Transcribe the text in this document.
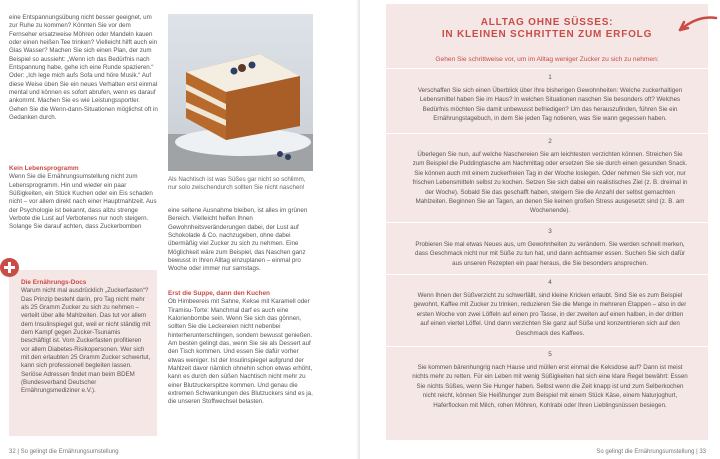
eine Entspannungsübung nicht besser geeignet, um zur Ruhe zu kommen? Könnten Sie vor dem Fernseher ersatzweise Möhren oder Mandeln kauen oder einen heißen Tee trinken? Vielleicht hilft auch ein Glas Wasser? Machen Sie sich einen Plan, der zum Beispiel so aussieht: „Wenn ich das Bedürfnis nach Entspannung habe, gehe ich eine Runde spazieren.“ Oder: „Ich lege mich aufs Sofa und höre Musik.“ Auf diese Weise üben Sie ein neues Verhalten erst einmal mental und können es sofort abrufen, wenn es darauf ankommt. Machen Sie es wie Leistungssportler. Gehen Sie die Wenn-dann-Situationen möglichst oft in Gedanken durch.
Kein Lebensprogramm
Wenn Sie die Ernährungsumstellung nicht zum Lebensprogramm. Hin und wieder ein paar Süßigkeiten, ein Stück Kuchen oder ein Eis schaden nicht – vor allem direkt nach einer Hauptmahlzeit. Aus der Psychologie ist bekannt, dass allzu strenge Verbote die Lust auf Verbotenes nur noch steigern. Solange Sie darauf achten, dass Zuckerbomben
Die Ernährungs-Docs
Warum nicht mal ausdrücklich „Zuckerfasten“? Das Prinzip besteht darin, pro Tag nicht mehr als 25 Gramm Zucker zu sich zu nehmen – verteilt über alle Mahlzeiten. Das tut vor allem dem Insulinspiegel gut, weil er nicht ständig mit dem Kampf gegen Zucker-Tsunamis beschäftigt ist. Vom Zuckerfasten profitieren vor allem Diabetes-Risikopersonen. Wer sich mit den erlaubten 25 Gramm Zucker schwertut, kann sich professionell begleiten lassen. Seriöse Adressen findet man beim BDEM (Bundesverband Deutscher Ernährungsmediziner e.V.).
Als Nachtisch ist was Süßes gar nicht so schlimm, nur solo zwischendurch sollten Sie nicht naschen!
eine seltene Ausnahme bleiben, ist alles im grünen Bereich. Vielleicht helfen Ihnen Gewohnheitsveränderungen dabei, der Lust auf Schokolade & Co. nachzugeben, ohne dabei übermäßig viel Zucker zu sich zu nehmen. Eine Möglichkeit wäre zum Beispiel, das Naschen ganz bewusst in Ihren Alltag einzuplanen – einmal pro Woche oder immer nur samstags.
Erst die Suppe, dann den Kuchen
Ob Himbeereis mit Sahne, Kekse mit Karamell oder Tiramisu-Torte: Manchmal darf es auch eine Kalorienbombe sein. Wenn Sie sich das gönnen, sollten Sie die Leckereien nicht nebenbei hinterherunterschlingen, sondern bewusst genießen. Am besten gelingt das, wenn Sie sie als Dessert auf den Tisch kommen. Und essen Sie dafür vorher etwas weniger. Ist der Insulinspiegel aufgrund der Mahlzeit davor nämlich ohnehin schon etwas erhöht, kann es durch den süßen Nachtisch nicht mehr zu einer Blutzuckerspitze kommen. Und genau die extremen Schwankungen des Blutzuckers sind es ja, die unseren Stoffwechsel belasten.
32 | So gelingt die Ernährungsumstellung
ALLTAG OHNE SÜSSES:
IN KLEINEN SCHRITTEN ZUM ERFOLG
Gehen Sie schrittweise vor, um im Alltag weniger Zucker zu sich zu nehmen:
1
Verschaffen Sie sich einen Überblick über Ihre bisherigen Gewohnheiten: Welche zuckerhaltigen Lebensmittel haben Sie im Haus? In welchen Situationen naschen Sie besonders oft? Welches Bedürfnis möchten Sie damit unbewusst befriedigen? Um das herauszufinden, führen Sie ein Ernährungstagebuch, in dem Sie jeden Tag notieren, was Sie wann gegessen haben.
2
Überlegen Sie nun, auf welche Naschereien Sie am leichtesten verzichten können. Streichen Sie zum Beispiel die Puddingtasche am Nachmittag oder ersetzen Sie sie durch einen gesunden Snack. Sie können auch mit einem zuckerfreien Tag in der Woche loslegen. Oder nehmen Sie sich vor, nur frischen Lebensmitteln selbst zu kochen. Setzen Sie sich dabei ein realistisches Ziel (z. B. dreimal in der Woche). Sobald Sie das geschafft haben, steigern Sie die Anzahl der selbst gemachten Mahlzeiten. Beginnen Sie an Tagen, an denen Sie keinen großen Stress ausgesetzt sind (z. B. am Wochenende).
3
Probieren Sie mal etwas Neues aus, um Gewohnheiten zu verändern. Sie werden schnell merken, dass Geschmack nicht nur mit Süße zu tun hat, und dann achtsamer essen. Suchen Sie sich dafür aus unseren Rezepten ein paar heraus, die Sie besonders ansprechen.
4
Wenn Ihnen der Süßverzicht zu schwerfällt, sind kleine Kricken erlaubt. Sind Sie es zum Beispiel gewohnt, Kaffee mit Zucker zu trinken, reduzieren Sie die Menge in mehreren Etappen – also in der ersten Woche von zwei Löffeln auf einen pro Tasse, in der zweiten auf einen halben, in der dritten auf einen viertel Löffel. Und dann verzichten Sie ganz auf Süße und konzentrieren sich auf den Geschmack des Kaffees.
5
Sie kommen bärenhungrig nach Hause und müllen erst einmal die Keksdose auf? Dann ist meist nichts mehr zu retten. Für ein Leben mit wenig Süßigkeiten hat sich eine klare Regel bewährt: Essen Sie nichts Süßes, wenn Sie Hunger haben. Selbst wenn die Zeit knapp ist und zum Selberkochen nicht reicht, können Sie Heißhunger zum Beispiel mit einem Stück Käse, einem Naturjoghurt, Haferflocken mit Milch, rohen Möhren, Kohlrabi oder Ihren Lieblingsnüssen besiegen.
So gelingt die Ernährungsumstellung | 33
